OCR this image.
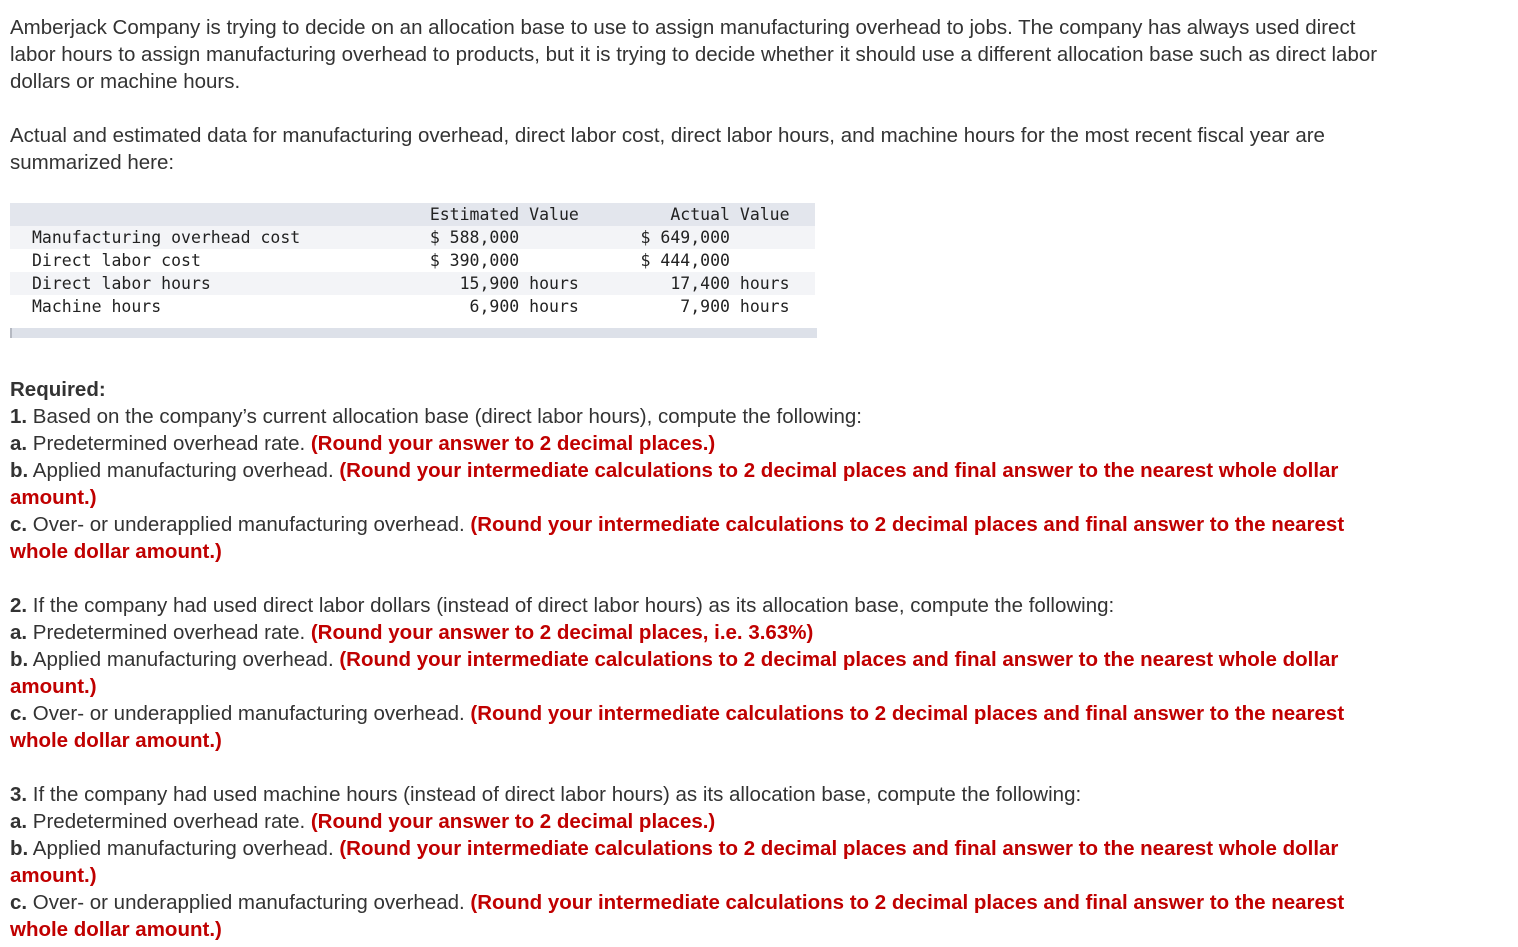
Amberjack Company is trying to decide on an allocation base to use to assign manufacturing overhead to jobs. The company has always used direct labor hours to assign manufacturing overhead to products, but it is trying to decide whether it should use a different allocation base such as direct labor dollars or machine hours.

Actual and estimated data for manufacturing overhead, direct labor cost, direct labor hours, and machine hours for the most recent fiscal year are summarized here:

	Estimated Value	Actual Value	
Manufacturing overhead cost	$ 588,000	$ 649,000	
Direct labor cost	$ 390,000	$ 444,000	
Direct labor hours	15,900 hours	17,400 hours	
Machine hours	6,900 hours	7,900 hours	

Required:

1. Based on the company’s current allocation base (direct labor hours), compute the following:

a. Predetermined overhead rate. (Round your answer to 2 decimal places.)

b. Applied manufacturing overhead. (Round your intermediate calculations to 2 decimal places and final answer to the nearest whole dollar amount.)

c. Over- or underapplied manufacturing overhead. (Round your intermediate calculations to 2 decimal places and final answer to the nearest whole dollar amount.)

2. If the company had used direct labor dollars (instead of direct labor hours) as its allocation base, compute the following:

a. Predetermined overhead rate. (Round your answer to 2 decimal places, i.e. 3.63%)

b. Applied manufacturing overhead. (Round your intermediate calculations to 2 decimal places and final answer to the nearest whole dollar amount.)

c. Over- or underapplied manufacturing overhead. (Round your intermediate calculations to 2 decimal places and final answer to the nearest whole dollar amount.)

3. If the company had used machine hours (instead of direct labor hours) as its allocation base, compute the following:

a. Predetermined overhead rate. (Round your answer to 2 decimal places.)

b. Applied manufacturing overhead. (Round your intermediate calculations to 2 decimal places and final answer to the nearest whole dollar amount.)

c. Over- or underapplied manufacturing overhead. (Round your intermediate calculations to 2 decimal places and final answer to the nearest whole dollar amount.)
